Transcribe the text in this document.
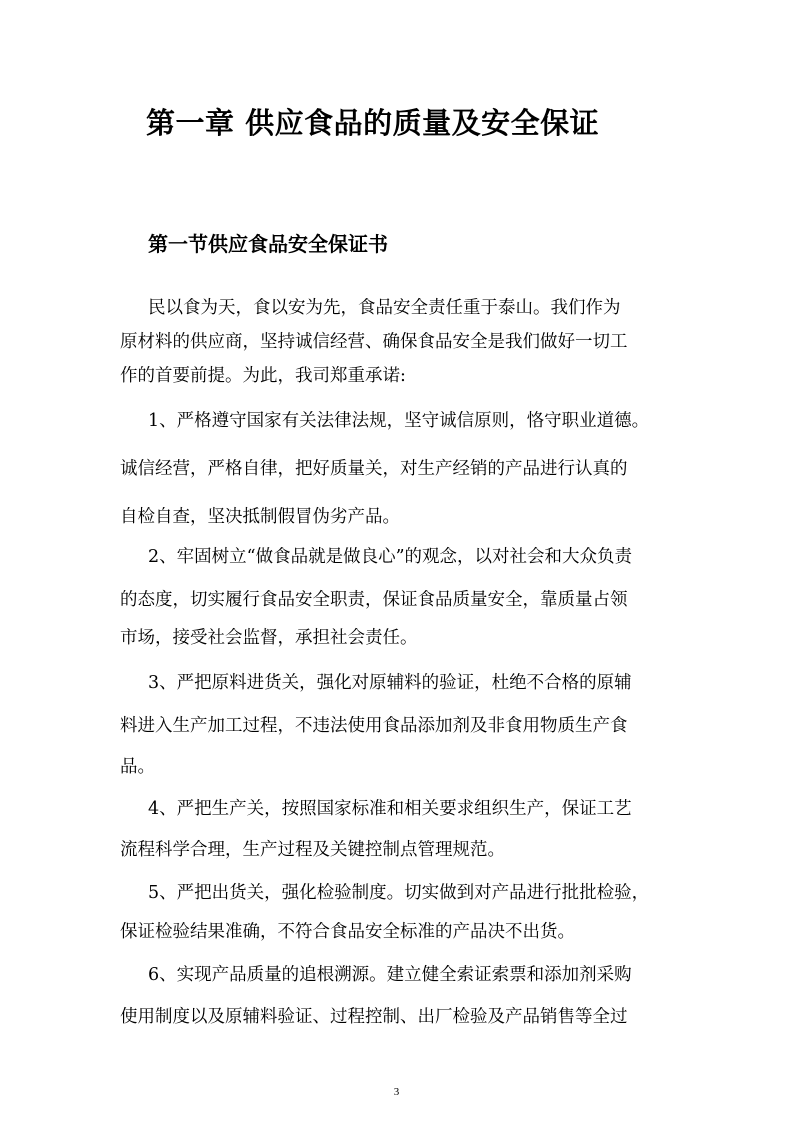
第一章 供应食品的质量及安全保证
第一节供应食品安全保证书
民以食为天，食以安为先，食品安全责任重于泰山。我们作为
原材料的供应商，坚持诚信经营、确保食品安全是我们做好一切工
作的首要前提。为此，我司郑重承诺:
1、严格遵守国家有关法律法规，坚守诚信原则，恪守职业道德。
诚信经营，严格自律，把好质量关，对生产经销的产品进行认真的
自检自查，坚决抵制假冒伪劣产品。
2、牢固树立“做食品就是做良心”的观念，以对社会和大众负责
的态度，切实履行食品安全职责，保证食品质量安全，靠质量占领
市场，接受社会监督，承担社会责任。
3、严把原料进货关，强化对原辅料的验证，杜绝不合格的原辅
料进入生产加工过程，不违法使用食品添加剂及非食用物质生产食
品。
4、严把生产关，按照国家标准和相关要求组织生产，保证工艺
流程科学合理，生产过程及关键控制点管理规范。
5、严把出货关，强化检验制度。切实做到对产品进行批批检验，
保证检验结果准确，不符合食品安全标准的产品决不出货。
6、实现产品质量的追根溯源。建立健全索证索票和添加剂采购
使用制度以及原辅料验证、过程控制、出厂检验及产品销售等全过
3
